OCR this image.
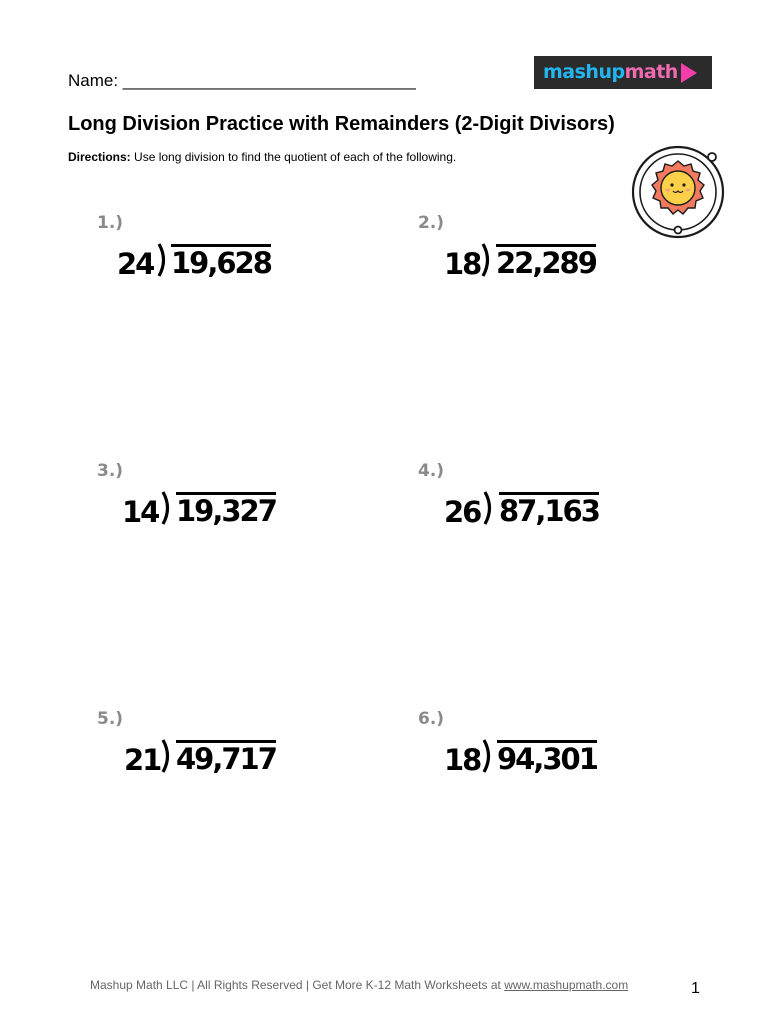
Name: _______________________________	mashupmath
Long Division Practice with Remainders (2-Digit Divisors)
Directions: Use long division to find the quotient of each of the following.
1.)
24 19,628
2.)
18 22,289
3.)
14 19,327
4.)
26 87,163
5.)
21 49,717
6.)
18 94,301
Mashup Math LLC | All Rights Reserved | Get More K-12 Math Worksheets at www.mashupmath.com	1
